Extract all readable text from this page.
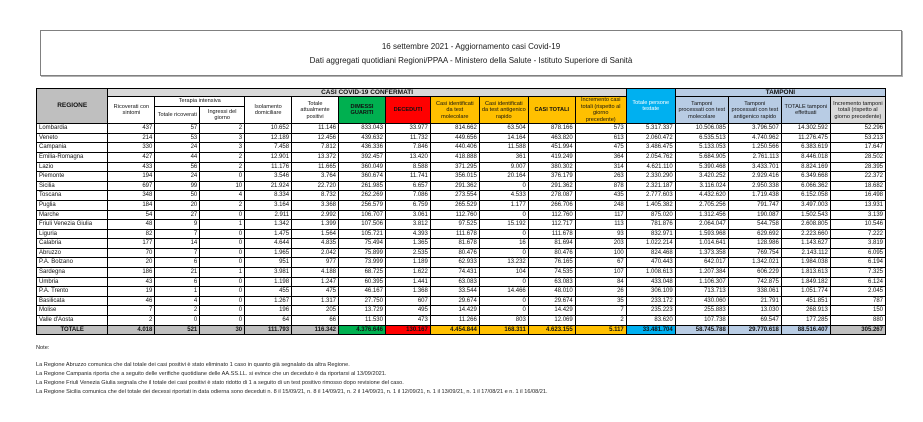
16 settembre 2021 - Aggiornamento casi Covid-19
Dati aggregati quotidiani Regioni/PPAA - Ministero della Salute - Istituto Superiore di Sanità
REGIONE	CASI COVID-19 CONFERMATI											Totale persone testate	TAMPONI			
	Ricoverati con sintomi	Terapia intensiva		Isolamento domiciliare	Totale attualmente positivi	DIMESSI GUARITI	DECEDUTI	Casi identificati da test molecolare	Casi identificati da test antigenico rapido	CASI TOTALI	Incremento casi totali (rispetto al giorno precedente)		Tamponi processati con test molecolare	Tamponi processati con test antigenico rapido	TOTALE tamponi effettuati	Incremento tamponi totali (rispetto al giorno precedente)
		Totale ricoverati	Ingressi del giorno													
Lombardia	437	57	2	10.652	11.146	833.043	33.977	814.662	63.504	878.166	573	5.317.337	10.506.085	3.796.507	14.302.592	52.296
Veneto	214	53	3	12.189	12.456	439.632	11.732	449.656	14.164	463.820	613	2.060.472	6.535.513	4.740.962	11.276.475	53.213
Campania	330	24	3	7.458	7.812	436.336	7.846	440.406	11.588	451.994	475	3.486.475	5.133.053	1.250.566	6.383.619	17.647
Emilia-Romagna	427	44	2	12.901	13.372	392.457	13.420	418.888	361	419.249	364	2.054.762	5.684.905	2.761.113	8.446.018	28.502
Lazio	433	56	2	11.176	11.665	360.049	8.588	371.295	9.007	380.302	314	4.621.110	5.390.468	3.433.701	8.824.169	28.395
Piemonte	194	24	0	3.546	3.764	360.674	11.741	356.015	20.164	376.179	263	2.330.290	3.420.252	2.929.416	6.349.668	22.372
Sicilia	697	99	10	21.924	22.720	261.985	6.657	291.362	0	291.362	878	2.321.187	3.116.024	2.950.338	6.066.362	18.682
Toscana	348	50	4	8.334	8.732	262.269	7.086	273.554	4.533	278.087	435	2.777.603	4.432.620	1.719.438	6.152.058	16.498
Puglia	184	20	2	3.164	3.368	256.579	6.759	265.529	1.177	266.706	248	1.405.382	2.705.256	791.747	3.497.003	13.931
Marche	54	27	0	2.911	2.992	106.707	3.061	112.760	0	112.760	117	875.020	1.312.456	190.087	1.502.543	3.139
Friuli Venezia Giulia	48	9	1	1.342	1.399	107.506	3.812	97.525	15.192	112.717	113	781.876	2.064.047	544.758	2.608.805	10.546
Liguria	82	7	0	1.475	1.564	105.721	4.393	111.678	0	111.678	93	832.971	1.593.968	629.692	2.223.660	7.222
Calabria	177	14	0	4.644	4.835	75.494	1.365	81.678	16	81.694	203	1.022.214	1.014.641	128.986	1.143.627	3.819
Abruzzo	70	7	0	1.965	2.042	75.899	2.535	80.476	0	80.476	100	824.468	1.373.358	769.754	2.143.112	6.095
P.A. Bolzano	20	6	0	951	977	73.999	1.189	62.933	13.232	76.165	67	470.443	642.017	1.342.021	1.984.038	6.194
Sardegna	186	21	1	3.981	4.188	68.725	1.622	74.431	104	74.535	107	1.008.613	1.207.384	606.229	1.813.613	7.325
Umbria	43	6	0	1.198	1.247	60.395	1.441	63.083	0	63.083	84	433.048	1.106.307	742.875	1.849.182	6.124
P.A. Trento	19	1	0	455	475	46.167	1.368	33.544	14.466	48.010	26	306.109	713.713	338.061	1.051.774	2.045
Basilicata	46	4	0	1.267	1.317	27.750	607	29.674	0	29.674	35	233.172	430.060	21.791	451.851	787
Molise	7	2	0	196	205	13.729	495	14.429	0	14.429	7	235.223	255.883	13.030	268.913	150
Valle d'Aosta	2	0	0	64	66	11.530	473	11.266	803	12.069	2	83.620	107.738	69.547	177.285	880
TOTALE	4.018	521	30	111.793	116.342	4.376.646	130.167	4.454.844	168.311	4.623.155	5.117	33.481.704	58.745.788	29.770.618	88.516.407	305.267
Note:
La Regione Abruzzo comunica che dal totale dei casi positivi è stato eliminato 1 caso in quanto già segnalato da altra Regione.
La Regione Campania riporta che a seguito delle verifiche quotidiane delle AA.SS.LL. si evince che un deceduto è da riportarsi al 13/09/2021.
La Regione Friuli Venezia Giulia segnala che il totale dei casi positivi è stato ridotto di 1 a seguito di un test positivo rimosso dopo revisione del caso.
La Regione Sicilia comunica che del totale dei decessi riportati in data odierna sono deceduti n. 8 il 15/09/21, n. 8 il 14/09/21, n. 2 il 14/09/21, n. 1 il 12/09/21, n. 1 il 13/09/21, n. 1 il 17/08/21 e n. 1 il 16/08/21.
